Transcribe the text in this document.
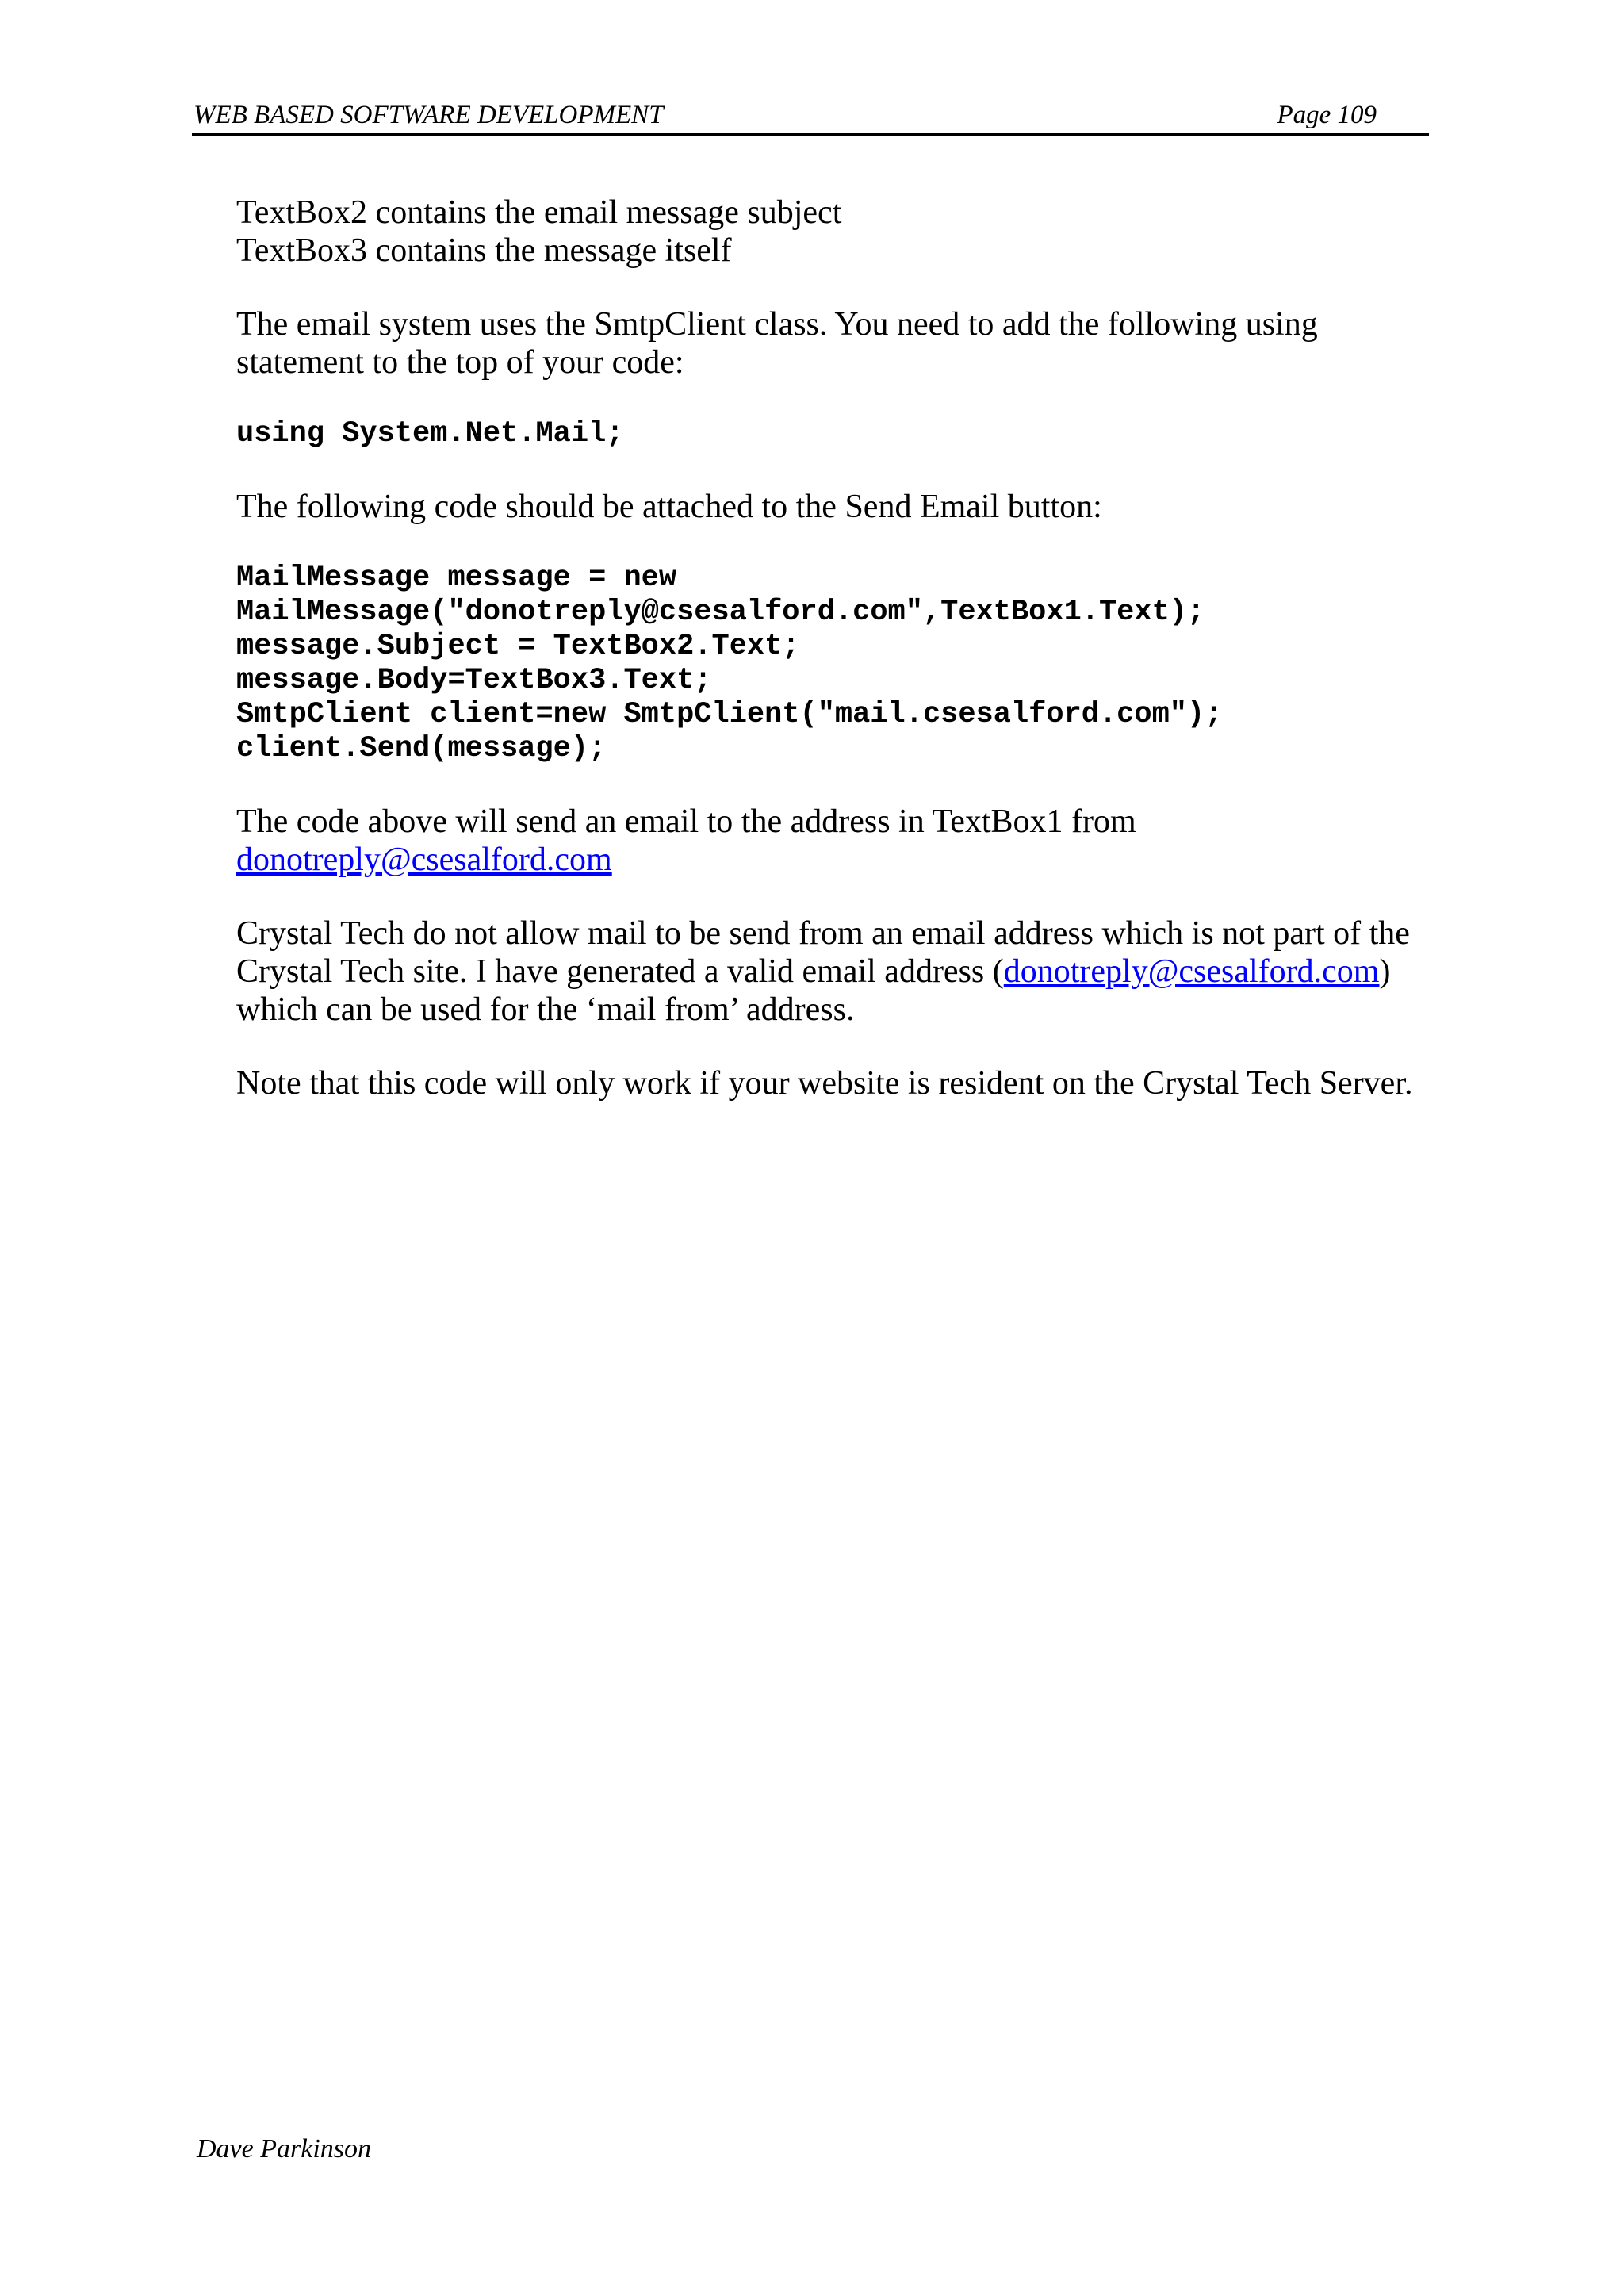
WEB BASED SOFTWARE DEVELOPMENT	Page 109

TextBox2 contains the email message subject
TextBox3 contains the message itself

The email system uses the SmtpClient class. You need to add the following using
statement to the top of your code:

using System.Net.Mail;

The following code should be attached to the Send Email button:

MailMessage message = new
MailMessage("donotreply@csesalford.com",TextBox1.Text);
message.Subject = TextBox2.Text;
message.Body=TextBox3.Text;
SmtpClient client=new SmtpClient("mail.csesalford.com");
client.Send(message);

The code above will send an email to the address in TextBox1 from
donotreply@csesalford.com

Crystal Tech do not allow mail to be send from an email address which is not part of the
Crystal Tech site. I have generated a valid email address (donotreply@csesalford.com)
which can be used for the ‘mail from’ address.

Note that this code will only work if your website is resident on the Crystal Tech Server.

Dave Parkinson
